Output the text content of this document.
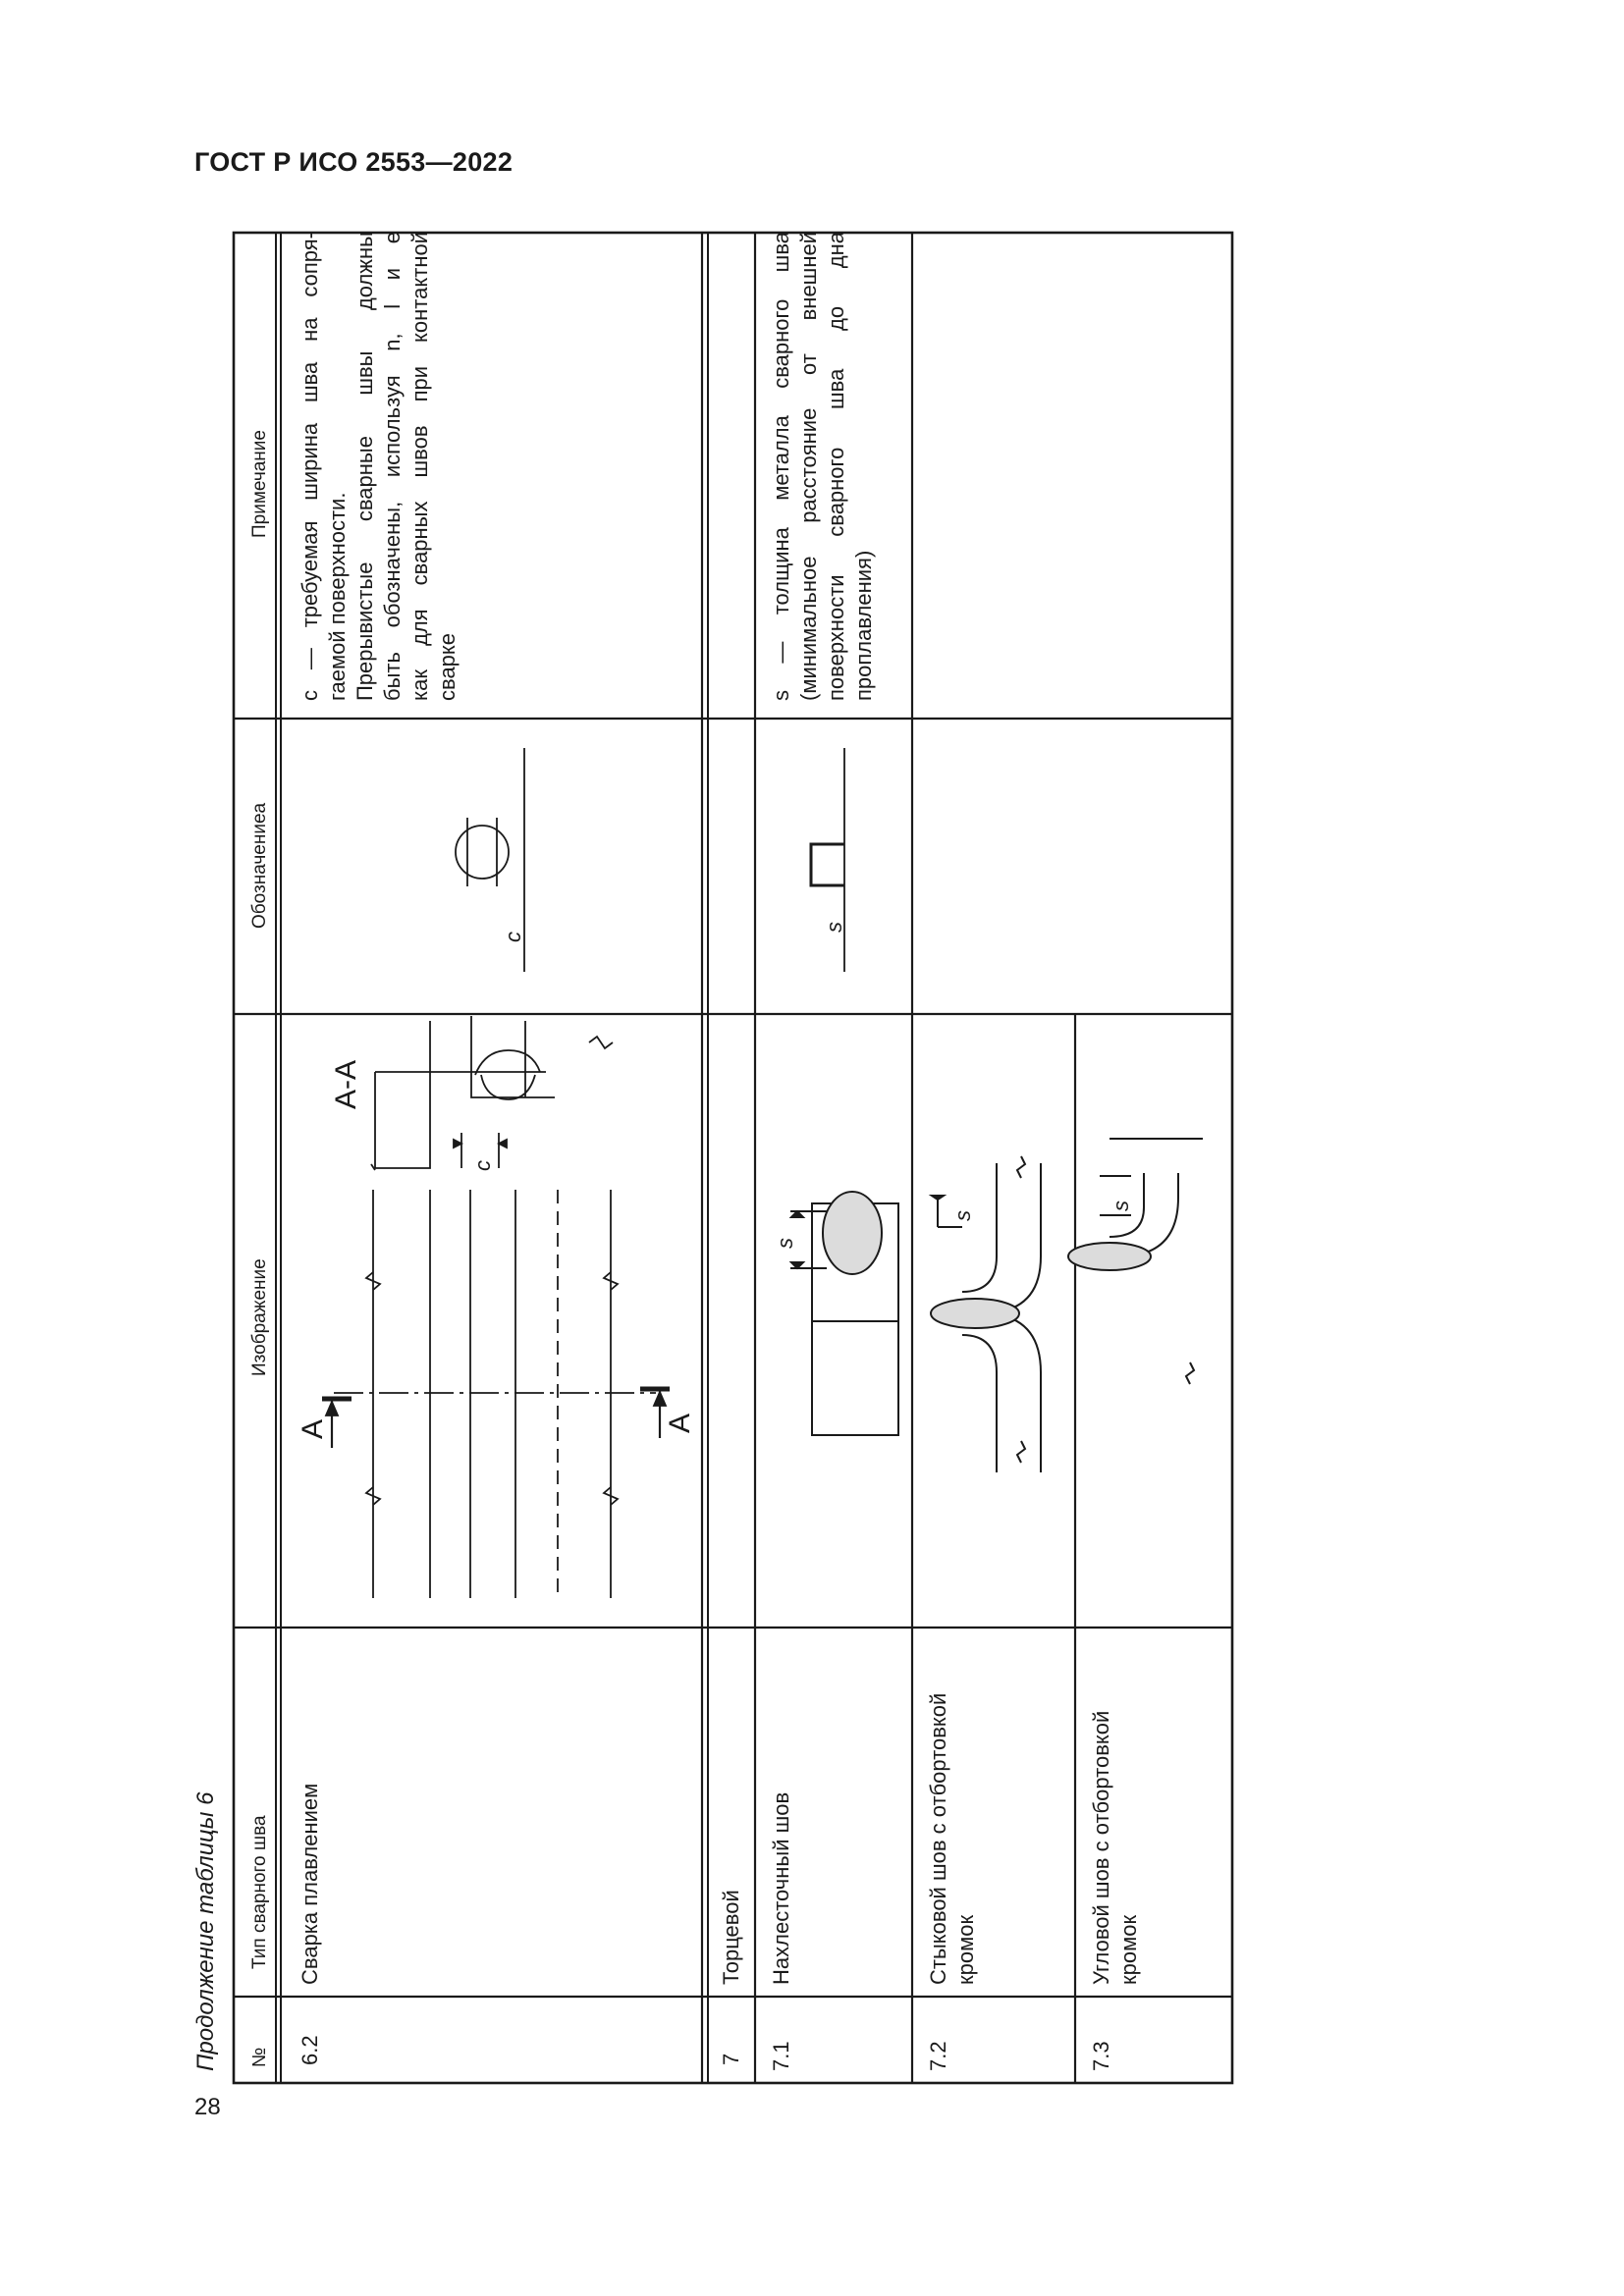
ГОСТ Р ИСО 2553—2022
28
Продолжение таблицы 6 №
Тип сварного шва
Изображение
Обозначениеa
Примечание
6.2
Сварка плавлением
A	A
A-A
c
c

c — требуемая ширина шва на сопря- гаемой поверхности. Прерывистые сварные швы должны быть обозначены, используя n, l и e как для сварных швов при контактной сварке

7
Торцевой
7.1
Нахлесточный шов
s
s

s — толщина металла сварного шва (минимальное расстояние от внешней поверхности сварного шва до дна проплавления)

7.2
Стыковой шов с отбортовкой кромок
s
7.3
Угловой шов с отбортовкой кромок
s
